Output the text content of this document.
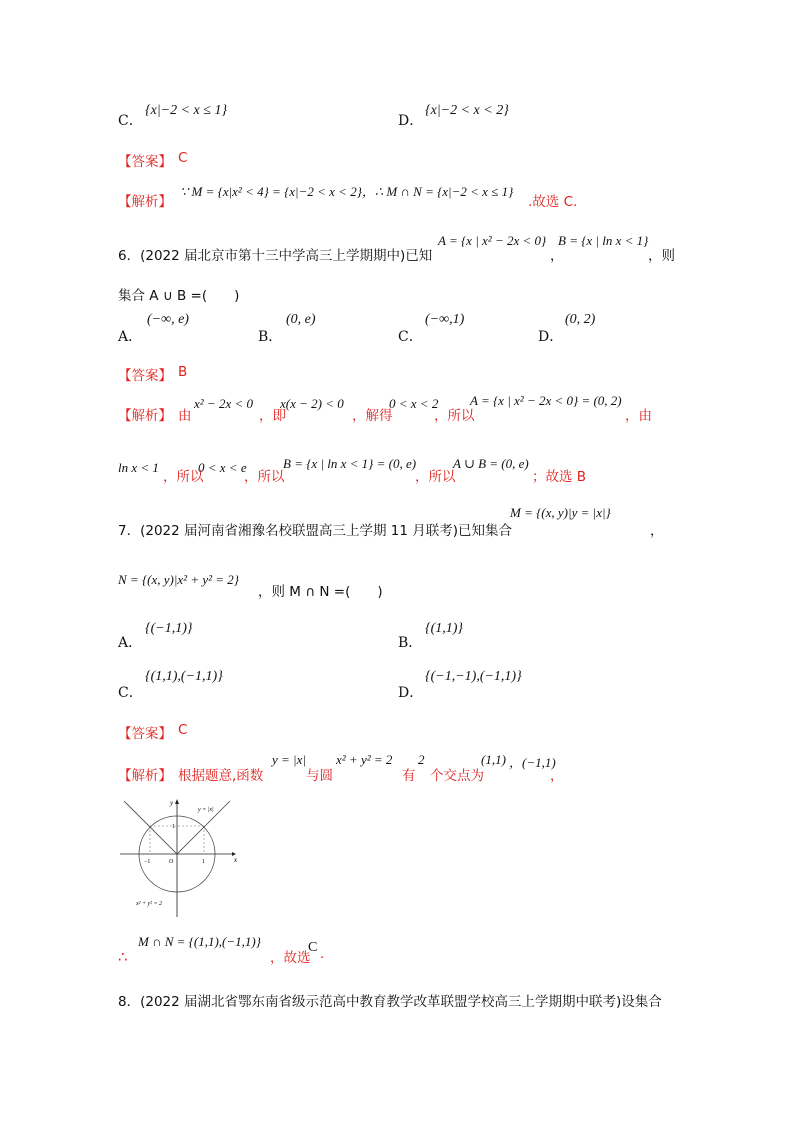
C．
{x|−2 < x ≤ 1}
D．
{x|−2 < x < 2}
【答案】 C
【解析】
∵ M = {x|x² < 4} = {x|−2 < x < 2}，∴ M ∩ N = {x|−2 < x ≤ 1}
.故选 C.
6．(2022 届北京市第十三中学高三上学期期中)已知
A = {x | x² − 2x < 0}
，
B = {x | ln x < 1}
，则
集合 A ∪ B =(　　)
A．
(−∞, e)
B．
(0, e)
C．
(−∞,1)
D．
(0, 2)
【答案】 B
【解析】 由
x² − 2x < 0
，即
x(x − 2) < 0
，解得
0 < x < 2
，所以
A = {x | x² − 2x < 0} = (0, 2)
，由
ln x < 1
，所以
0 < x < e
，所以
B = {x | ln x < 1} = (0, e)
，所以
A ∪ B = (0, e)
；故选 B
7．(2022 届河南省湘豫名校联盟高三上学期 11 月联考)已知集合
M = {(x, y)|y = |x|}
，
N = {(x, y)|x² + y² = 2}
，则 M ∩ N =(　　)
A．
{(−1,1)}
B．
{(1,1)}
C．
{(1,1),(−1,1)}
D．
{(−1,−1),(−1,1)}
【答案】 C
【解析】 根据题意,函数
y = |x|
与圆
x² + y² = 2
有
2
个交点为
(1,1) ，(−1,1)
，
x
y
y = |x|
x² + y² = 2
−1	1
1
O
∴
M ∩ N = {(1,1),(−1,1)}
，故选
C .
8．(2022 届湖北省鄂东南省级示范高中教育教学改革联盟学校高三上学期期中联考)设集合
